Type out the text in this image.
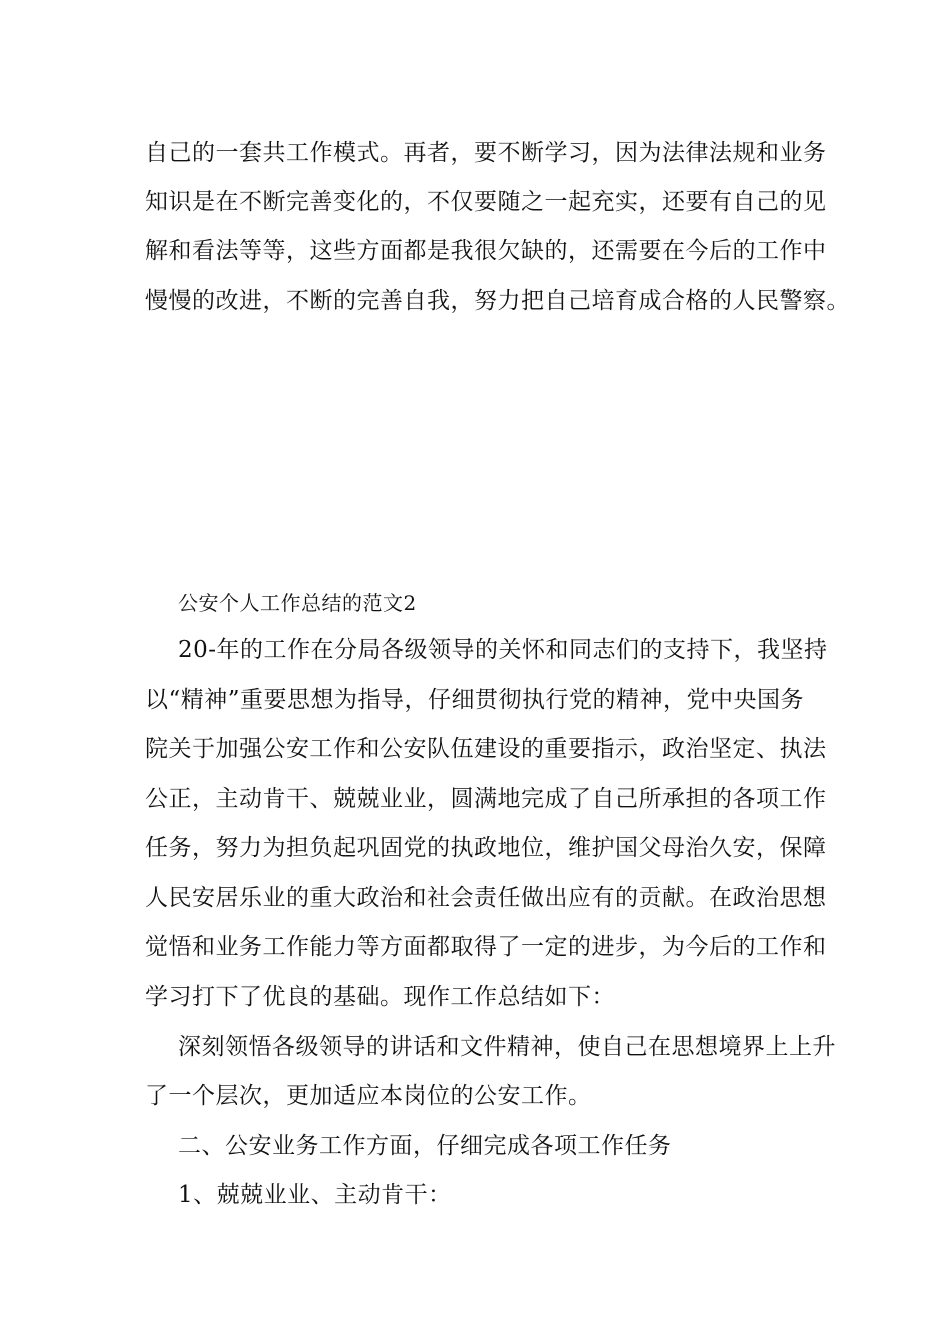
自己的一套共工作模式。再者，要不断学习，因为法律法规和业务
知识是在不断完善变化的，不仅要随之一起充实，还要有自己的见
解和看法等等，这些方面都是我很欠缺的，还需要在今后的工作中
慢慢的改进，不断的完善自我，努力把自己培育成合格的人民警察。
公安个人工作总结的范文2
20-年的工作在分局各级领导的关怀和同志们的支持下，我坚持
以“精神”重要思想为指导，仔细贯彻执行党的精神，党中央国务
院关于加强公安工作和公安队伍建设的重要指示，政治坚定、执法
公正，主动肯干、兢兢业业，圆满地完成了自己所承担的各项工作
任务，努力为担负起巩固党的执政地位，维护国父母治久安，保障
人民安居乐业的重大政治和社会责任做出应有的贡献。在政治思想
觉悟和业务工作能力等方面都取得了一定的进步，为今后的工作和
学习打下了优良的基础。现作工作总结如下：
深刻领悟各级领导的讲话和文件精神，使自己在思想境界上上升
了一个层次，更加适应本岗位的公安工作。
二、公安业务工作方面，仔细完成各项工作任务
1、兢兢业业、主动肯干：
